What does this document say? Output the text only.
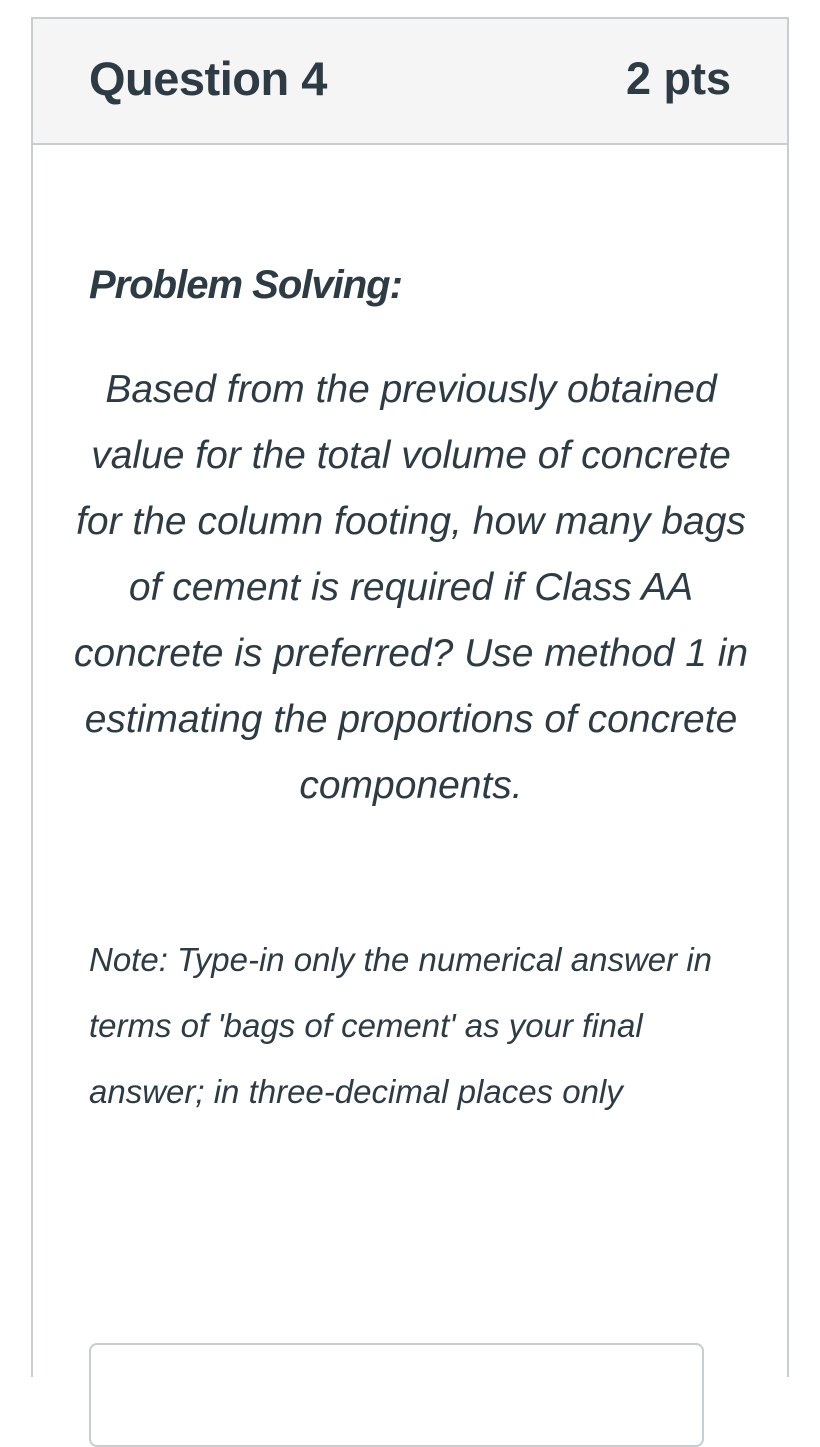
Question 4	2 pts
Problem Solving:
Based from the previously obtained value for the total volume of concrete for the column footing, how many bags of cement is required if Class AA concrete is preferred? Use method 1 in estimating the proportions of concrete components.
Note: Type-in only the numerical answer in terms of 'bags of cement' as your final answer; in three-decimal places only
